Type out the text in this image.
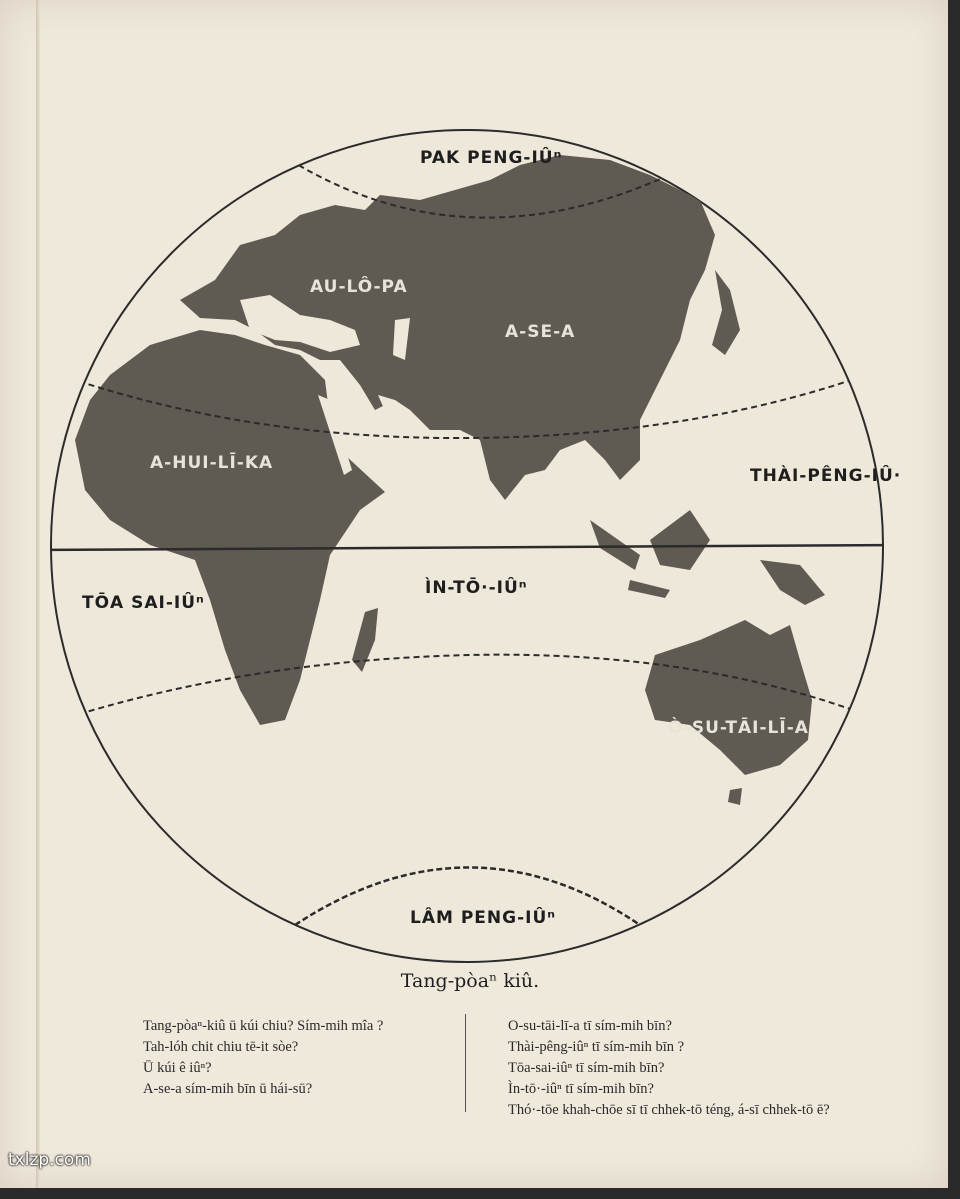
PAK PENG-IÛⁿ
AU-LÔ-PA
A-SE-A
A-HUI-LĪ-KA
THÀI-PÊNG-IÛ·
TŌA SAI-IÛⁿ
ÌN-TŌ·-IÛⁿ
Ò-SU-TĀI-LĪ-A
LÂM PENG-IÛⁿ
Tang-pòaⁿ kiû.
Tang-pòaⁿ-kiû ū kúi chiu? Sím-mih mîa ?
Tah-lóh chit chiu tē-it sòe?
Ū kúi ê iûⁿ?
A-se-a sím-mih bīn ū hái-sū?
O-su-tāi-lī-a tī sím-mih bīn?
Thài-pêng-iûⁿ tī sím-mih bīn ?
Tōa-sai-iûⁿ tī sím-mih bīn?
Ìn-tō·-iûⁿ tī sím-mih bīn?
Thó·-tōe khah-chōe sī tī chhek-tō téng, á-sī chhek-tō ē?
txlzp.com
